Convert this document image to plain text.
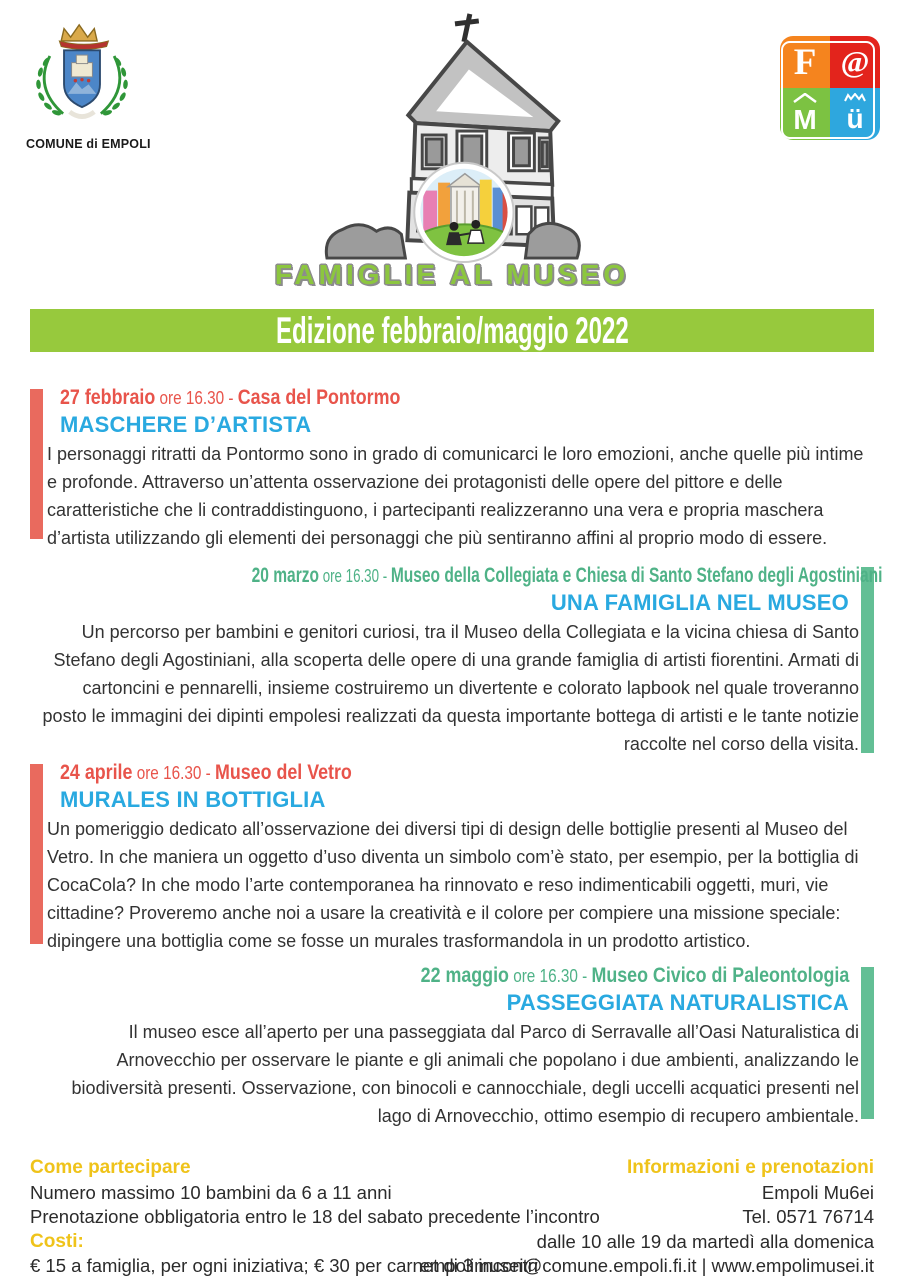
COMUNE di EMPOLI
F @
M ü
FAMIGLIE AL MUSEO
Edizione febbraio/maggio 2022
27 febbraio ore 16.30 - Casa del Pontormo
MASCHERE D’ARTISTA
I personaggi ritratti da Pontormo sono in grado di comunicarci le loro emozioni, anche quelle più intime e profonde. Attraverso un’attenta osservazione dei protagonisti delle opere del pittore e delle caratteristiche che li contraddistinguono, i partecipanti realizzeranno una vera e propria maschera d’artista utilizzando gli elementi dei personaggi che più sentiranno affini al proprio modo di essere.
20 marzo ore 16.30 - Museo della Collegiata e Chiesa di Santo Stefano degli Agostiniani
UNA FAMIGLIA NEL MUSEO
Un percorso per bambini e genitori curiosi, tra il Museo della Collegiata e la vicina chiesa di Santo Stefano degli Agostiniani, alla scoperta delle opere di una grande famiglia di artisti fiorentini. Armati di cartoncini e pennarelli, insieme costruiremo un divertente e colorato lapbook nel quale troveranno posto le immagini dei dipinti empolesi realizzati da questa importante bottega di artisti e le tante notizie raccolte nel corso della visita.
24 aprile ore 16.30 - Museo del Vetro
MURALES IN BOTTIGLIA
Un pomeriggio dedicato all’osservazione dei diversi tipi di design delle bottiglie presenti al Museo del Vetro. In che maniera un oggetto d’uso diventa un simbolo com’è stato, per esempio, per la bottiglia di CocaCola? In che modo l’arte contemporanea ha rinnovato e reso indimenticabili oggetti, muri, vie cittadine? Proveremo anche noi a usare la creatività e il colore per compiere una missione speciale: dipingere una bottiglia come se fosse un murales trasformandola in un prodotto artistico.
22 maggio ore 16.30 - Museo Civico di Paleontologia
PASSEGGIATA NATURALISTICA
Il museo esce all’aperto per una passeggiata dal Parco di Serravalle all’Oasi Naturalistica di Arnovecchio per osservare le piante e gli animali che popolano i due ambienti, analizzando le biodiversità presenti. Osservazione, con binocoli e cannocchiale, degli uccelli acquatici presenti nel lago di Arnovecchio, ottimo esempio di recupero ambientale.
Come partecipare
Numero massimo 10 bambini da 6 a 11 anni
Prenotazione obbligatoria entro le 18 del sabato precedente l’incontro
Costi:
€ 15 a famiglia, per ogni iniziativa; € 30 per carnet di 3 incontri
Informazioni e prenotazioni
Empoli Mu6ei
Tel. 0571 76714
dalle 10 alle 19 da martedì alla domenica
empolimusei@comune.empoli.fi.it | www.empolimusei.it
